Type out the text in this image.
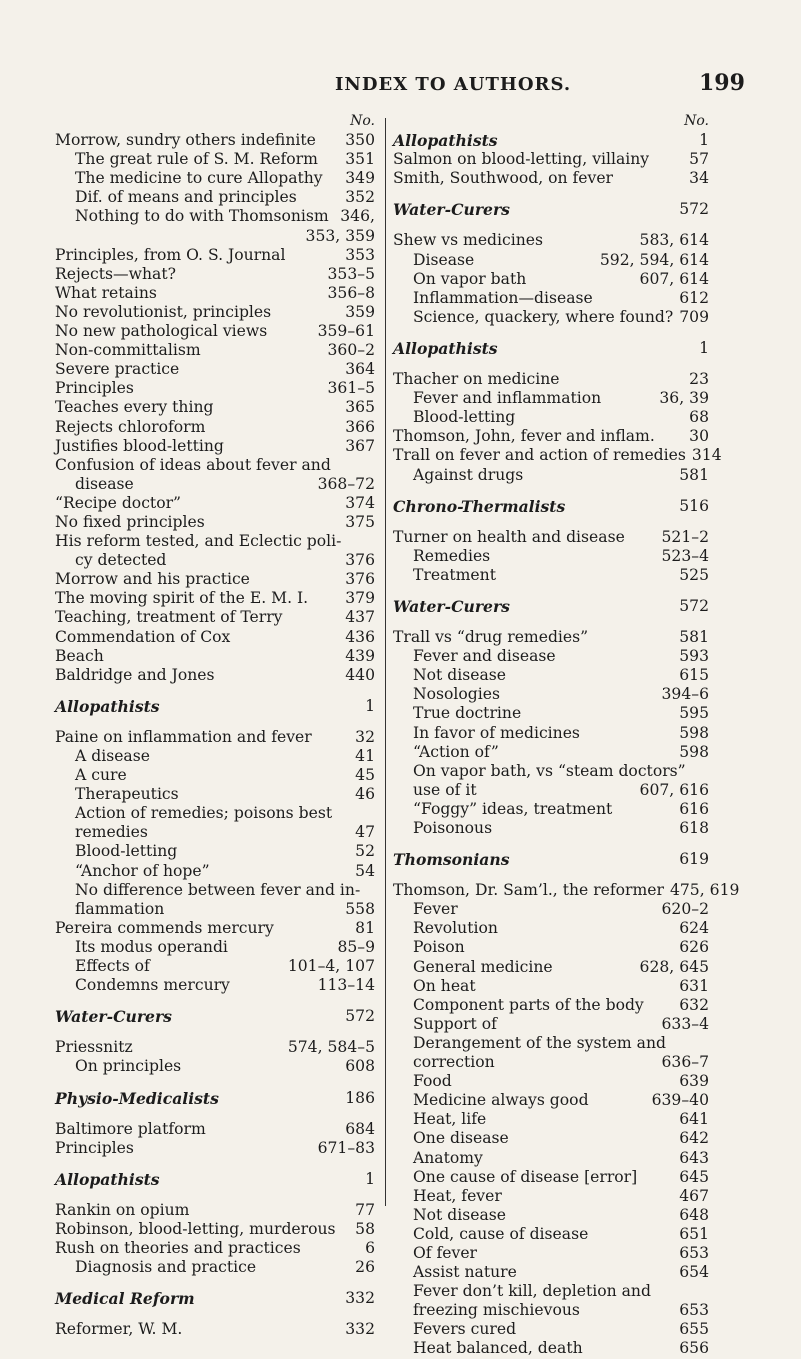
INDEX TO AUTHORS.	199
No.
Morrow, sundry others indefinite	350
The great rule of S. M. Reform	351
The medicine to cure Allopathy	349
Dif. of means and principles	352
Nothing to do with Thomsonism 346,
353, 359
Principles, from O. S. Journal	353
Rejects—what?	353–5
What retains	356–8
No revolutionist, principles	359
No new pathological views	359–61
Non-committalism	360–2
Severe practice	364
Principles	361–5
Teaches every thing	365
Rejects chloroform	366
Justifies blood-letting	367
Confusion of ideas about fever and
disease	368–72
“Recipe doctor”	374
No fixed principles	375
His reform tested, and Eclectic poli-
cy detected	376
Morrow and his practice	376
The moving spirit of the E. M. I.	379
Teaching, treatment of Terry	437
Commendation of Cox	436
Beach	439
Baldridge and Jones	440
Allopathists	1
Paine on inflammation and fever	32
A disease	41
A cure	45
Therapeutics	46
Action of remedies; poisons best
remedies	47
Blood-letting	52
“Anchor of hope”	54
No difference between fever and in-
flammation	558
Pereira commends mercury	81
Its modus operandi	85–9
Effects of	101–4, 107
Condemns mercury	113–14
Water-Curers	572
Priessnitz	574, 584–5
On principles	608
Physio-Medicalists	186
Baltimore platform	684
Principles	671–83
Allopathists	1
Rankin on opium	77
Robinson, blood-letting, murderous	58
Rush on theories and practices	6
Diagnosis and practice	26
Medical Reform	332
Reformer, W. M.	332
No.
Allopathists	1
Salmon on blood-letting, villainy	57
Smith, Southwood, on fever	34
Water-Curers	572
Shew vs medicines	583, 614
Disease	592, 594, 614
On vapor bath	607, 614
Inflammation—disease	612
Science, quackery, where found? 709
Allopathists	1
Thacher on medicine	23
Fever and inflammation	36, 39
Blood-letting	68
Thomson, John, fever and inflam.	30
Trall on fever and action of remedies 314
Against drugs	581
Chrono-Thermalists	516
Turner on health and disease	521–2
Remedies	523–4
Treatment	525
Water-Curers	572
Trall vs “drug remedies”	581
Fever and disease	593
Not disease	615
Nosologies	394–6
True doctrine	595
In favor of medicines	598
“Action of”	598
On vapor bath, vs “steam doctors”
use of it	607, 616
“Foggy” ideas, treatment	616
Poisonous	618
Thomsonians	619
Thomson, Dr. Sam’l., the reformer 475, 619
Fever	620–2
Revolution	624
Poison	626
General medicine	628, 645
On heat	631
Component parts of the body	632
Support of	633–4
Derangement of the system and
correction	636–7
Food	639
Medicine always good	639–40
Heat, life	641
One disease	642
Anatomy	643
One cause of disease [error]	645
Heat, fever	467
Not disease	648
Cold, cause of disease	651
Of fever	653
Assist nature	654
Fever don’t kill, depletion and
freezing mischievous	653
Fevers cured	655
Heat balanced, death	656
